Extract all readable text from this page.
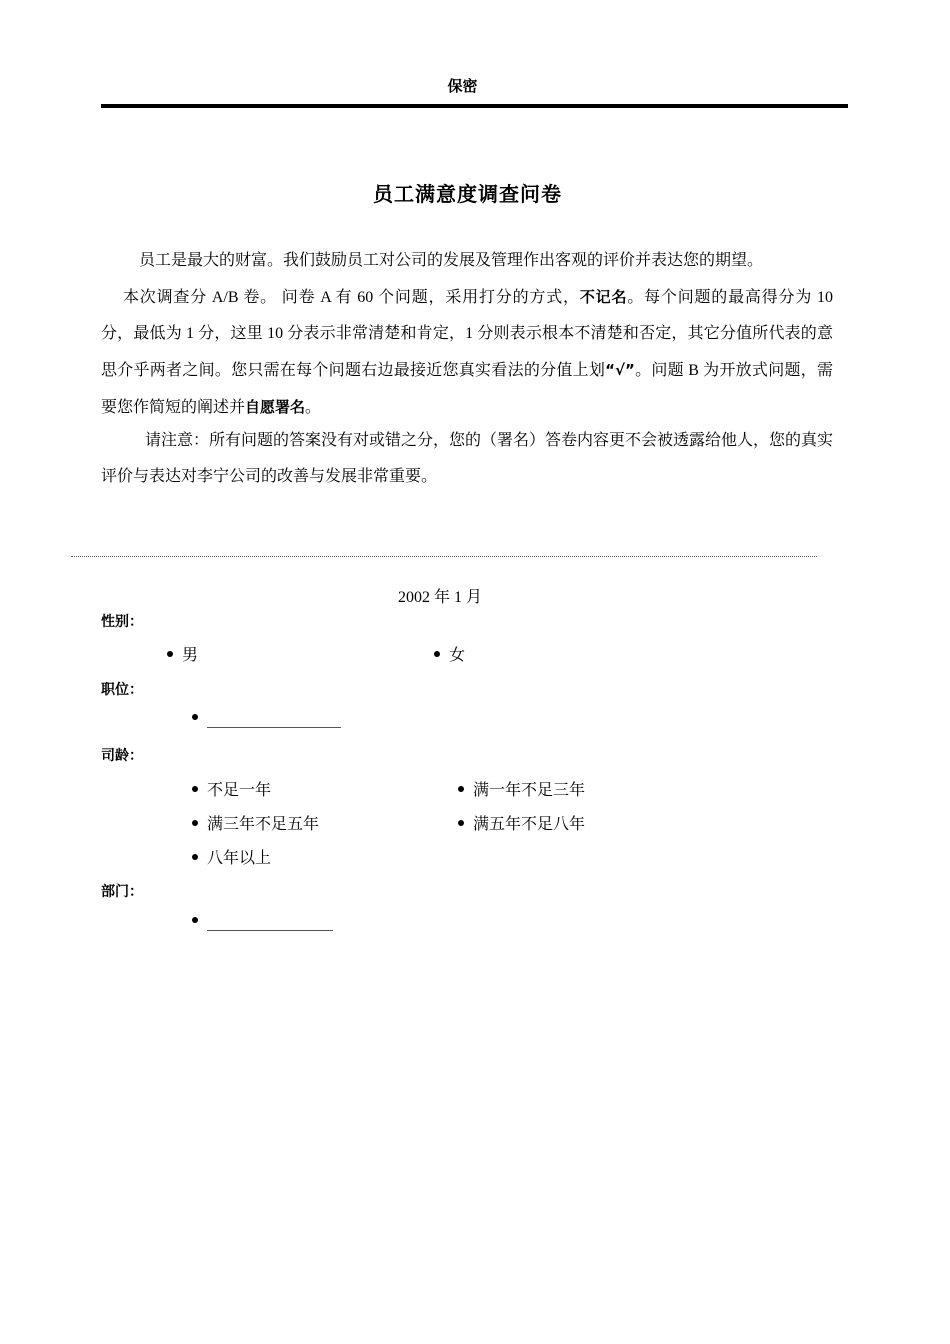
保密
员工满意度调查问卷
员工是最大的财富。我们鼓励员工对公司的发展及管理作出客观的评价并表达您的期望。
本次调查分 A/B 卷。 问卷 A 有 60 个问题，采用打分的方式，不记名。每个问题的最高得分为 10 分，最低为 1 分，这里 10 分表示非常清楚和肯定，1 分则表示根本不清楚和否定，其它分值所代表的意思介乎两者之间。您只需在每个问题右边最接近您真实看法的分值上划“√”。问题 B 为开放式问题，需要您作简短的阐述并自愿署名。
请注意：所有问题的答案没有对或错之分，您的（署名）答卷内容更不会被透露给他人，您的真实评价与表达对李宁公司的改善与发展非常重要。
2002 年 1 月
性别：
男	女
职位：
司龄：
不足一年	满一年不足三年
满三年不足五年	满五年不足八年
八年以上
部门：
